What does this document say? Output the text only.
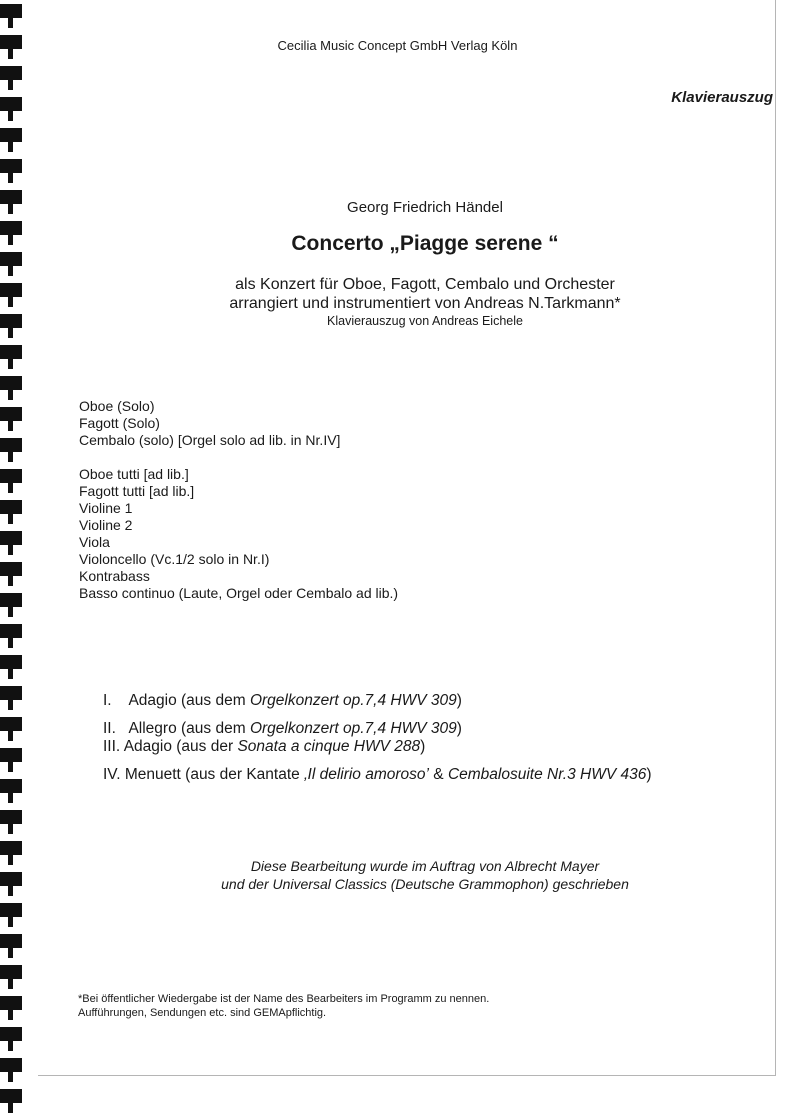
Cecilia Music Concept GmbH Verlag Köln
Klavierauszug
Georg Friedrich Händel
Concerto „Piagge serene “
als Konzert für Oboe, Fagott, Cembalo und Orchester
arrangiert und instrumentiert von Andreas N.Tarkmann*
Klavierauszug von Andreas Eichele
Oboe (Solo)
Fagott (Solo)
Cembalo (solo) [Orgel solo ad lib. in Nr.IV]
Oboe tutti [ad lib.]
Fagott tutti [ad lib.]
Violine 1
Violine 2
Viola
Violoncello (Vc.1/2 solo in Nr.I)
Kontrabass
Basso continuo (Laute, Orgel oder Cembalo ad lib.)
I. Adagio (aus dem Orgelkonzert op.7,4 HWV 309)
II. Allegro (aus dem Orgelkonzert op.7,4 HWV 309)
III. Adagio (aus der Sonata a cinque HWV 288)
IV. Menuett (aus der Kantate ‚Il delirio amoroso’ & Cembalosuite Nr.3 HWV 436)
Diese Bearbeitung wurde im Auftrag von Albrecht Mayer
und der Universal Classics (Deutsche Grammophon) geschrieben
*Bei öffentlicher Wiedergabe ist der Name des Bearbeiters im Programm zu nennen.
Aufführungen, Sendungen etc. sind GEMApflichtig.
